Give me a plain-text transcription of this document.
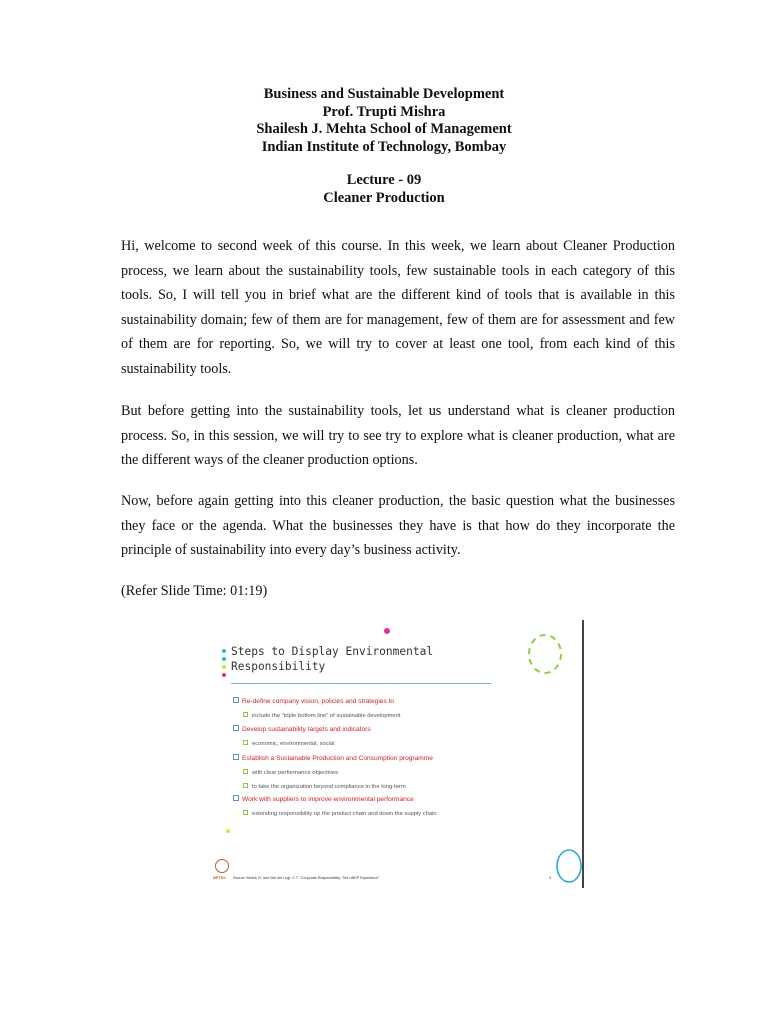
Business and Sustainable Development
Prof. Trupti Mishra
Shailesh J. Mehta School of Management
Indian Institute of Technology, Bombay
Lecture - 09
Cleaner Production

Hi, welcome to second week of this course. In this week, we learn about Cleaner Production process, we learn about the sustainability tools, few sustainable tools in each category of this tools. So, I will tell you in brief what are the different kind of tools that is available in this sustainability domain; few of them are for management, few of them are for assessment and few of them are for reporting. So, we will try to cover at least one tool, from each kind of this sustainability tools.

But before getting into the sustainability tools, let us understand what is cleaner production process. So, in this session, we will try to see try to explore what is cleaner production, what are the different ways of the cleaner production options.

Now, before again getting into this cleaner production, the basic question what the businesses they face or the agenda. What the businesses they have is that how do they incorporate the principle of sustainability into every day’s business activity.

(Refer Slide Time: 01:19)

Steps to Display Environmental
Responsibility
Re-define company vision, policies and strategies to
include the "triple bottom line" of sustainable development
Develop sustainability targets and indicators
economic, environmental, social
Establish a Sustainable Production and Consumption programme
with clear performance objectives
to take the organization beyond compliance in the long-term
Work with suppliers to improve environmental performance
extending responsibility up the product chain and down the supply chain
NPTEL Source: Bettoli, R. and Van der Lugt, C.T. "Corporate Responsibility: The UNEP Experience"	4
